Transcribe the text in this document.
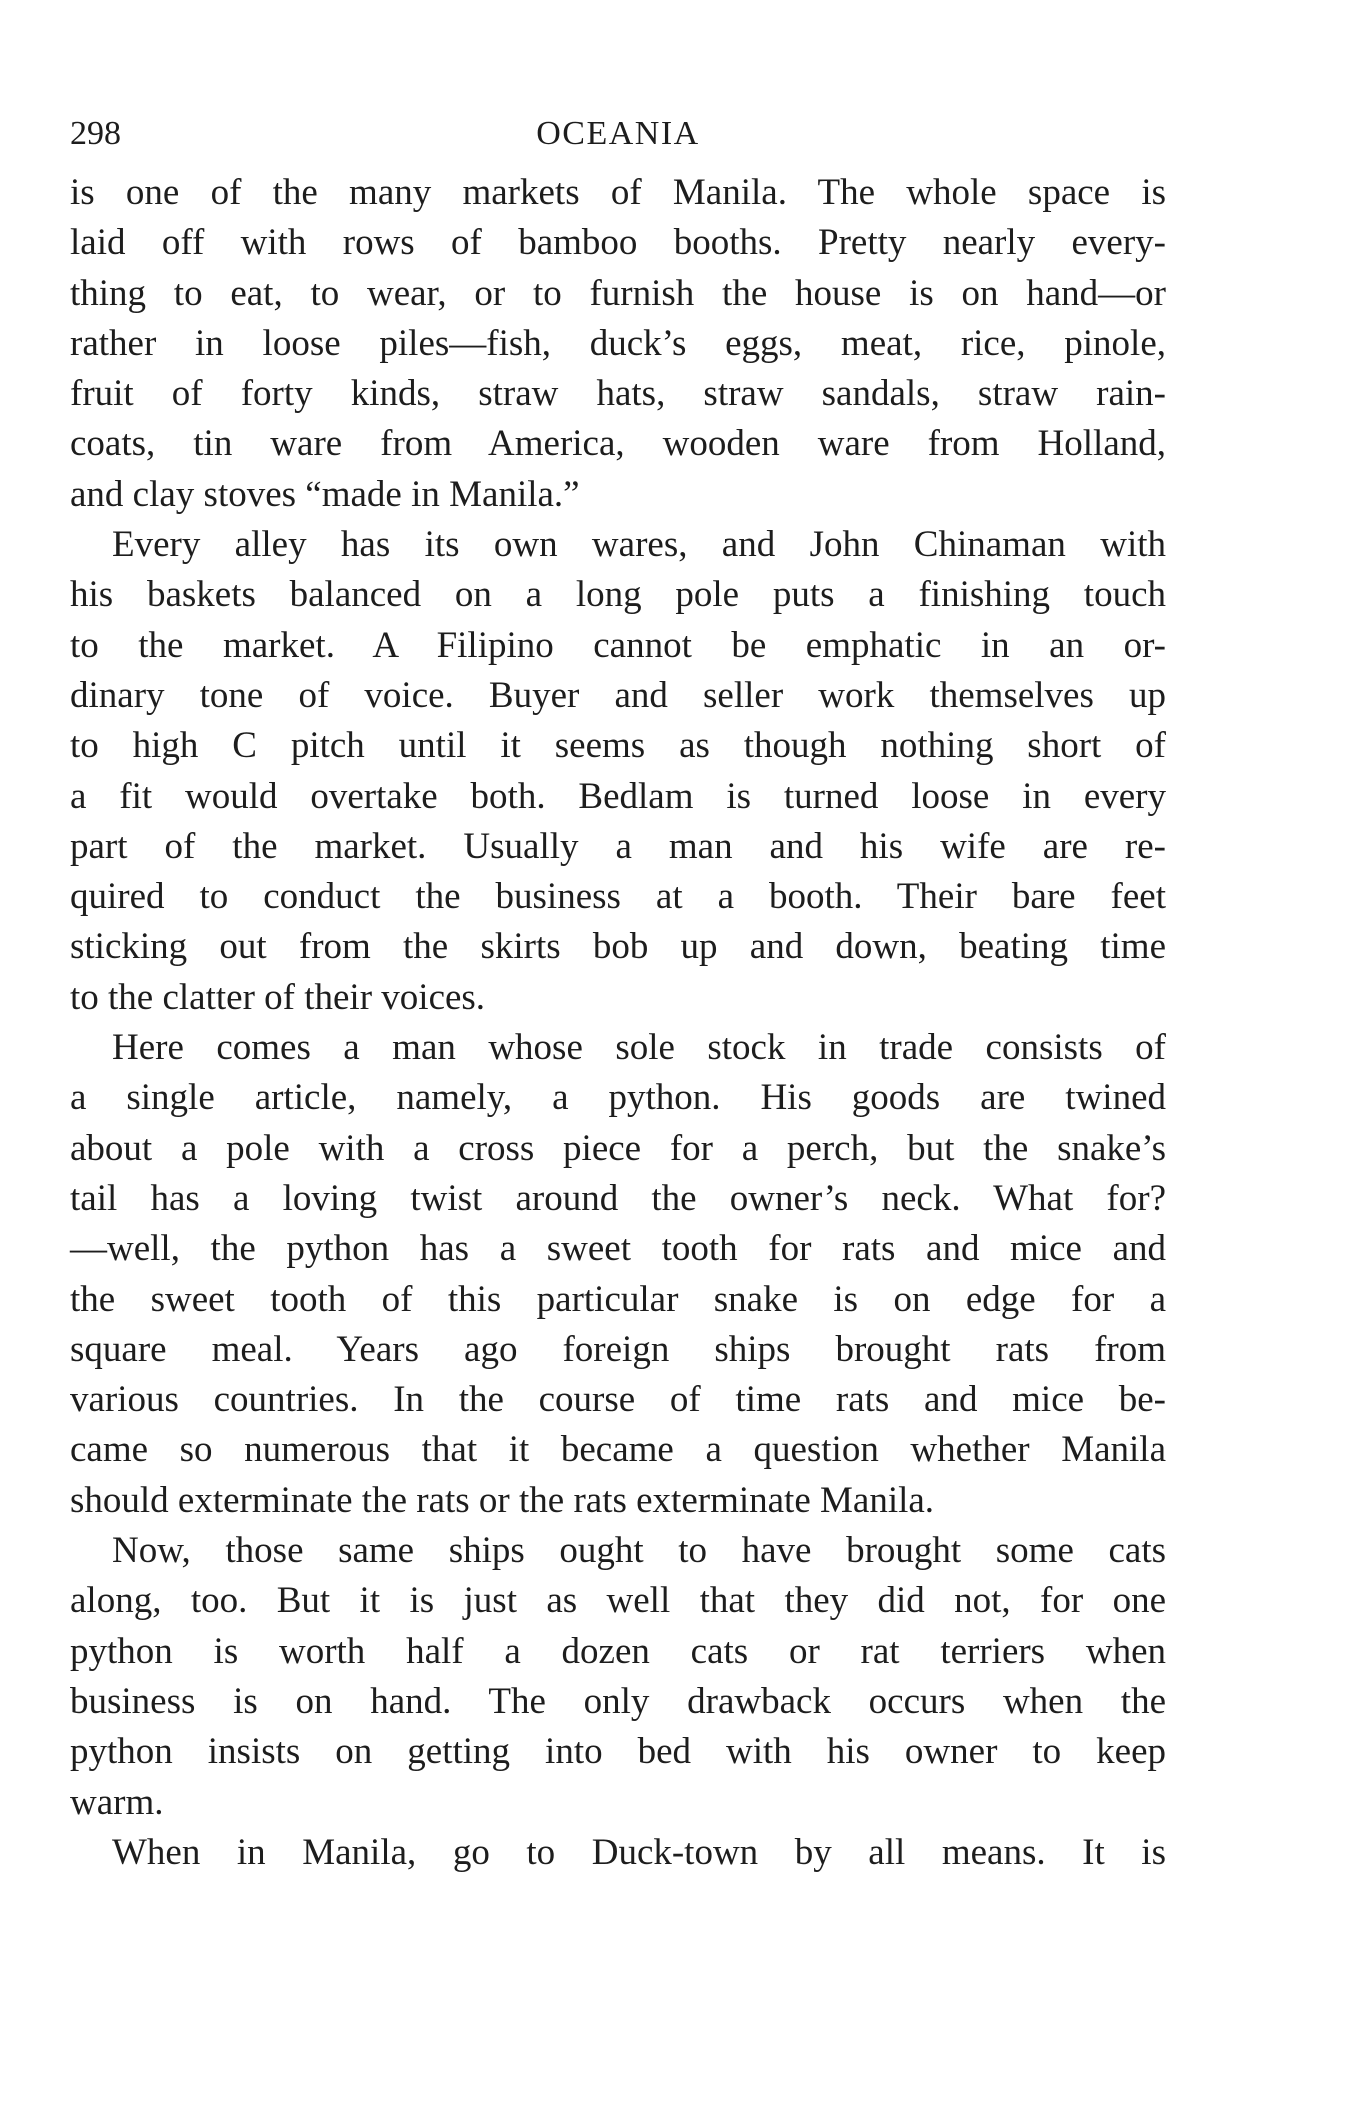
298	OCEANIA

is one of the many markets of Manila. The whole space is
laid off with rows of bamboo booths. Pretty nearly every-
thing to eat, to wear, or to furnish the house is on hand—or
rather in loose piles—fish, duck’s eggs, meat, rice, pinole,
fruit of forty kinds, straw hats, straw sandals, straw rain-
coats, tin ware from America, wooden ware from Holland,
and clay stoves “made in Manila.”

Every alley has its own wares, and John Chinaman with
his baskets balanced on a long pole puts a finishing touch
to the market. A Filipino cannot be emphatic in an or-
dinary tone of voice. Buyer and seller work themselves up
to high C pitch until it seems as though nothing short of
a fit would overtake both. Bedlam is turned loose in every
part of the market. Usually a man and his wife are re-
quired to conduct the business at a booth. Their bare feet
sticking out from the skirts bob up and down, beating time
to the clatter of their voices.

Here comes a man whose sole stock in trade consists of
a single article, namely, a python. His goods are twined
about a pole with a cross piece for a perch, but the snake’s
tail has a loving twist around the owner’s neck. What for?
—well, the python has a sweet tooth for rats and mice and
the sweet tooth of this particular snake is on edge for a
square meal. Years ago foreign ships brought rats from
various countries. In the course of time rats and mice be-
came so numerous that it became a question whether Manila
should exterminate the rats or the rats exterminate Manila.

Now, those same ships ought to have brought some cats
along, too. But it is just as well that they did not, for one
python is worth half a dozen cats or rat terriers when
business is on hand. The only drawback occurs when the
python insists on getting into bed with his owner to keep
warm.

When in Manila, go to Duck-town by all means. It is
